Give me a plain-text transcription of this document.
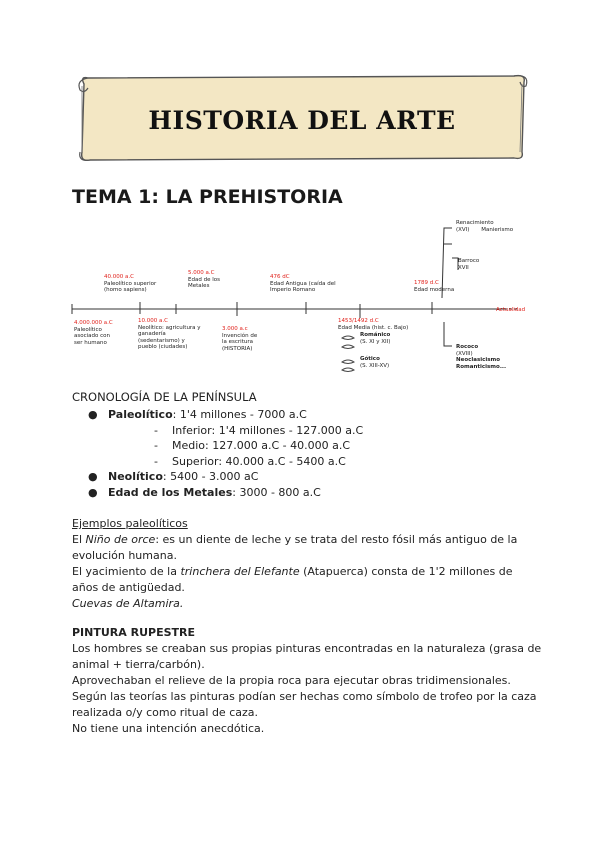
HISTORIA DEL ARTE
TEMA 1: LA PREHISTORIA
40.000 a.C
Paleolítico superior
(homo sapiens)
5.000 a.C
Edad de los
Metales
476 dC
Edad Antigua (caída del
Imperio Romano
1789 d.C
Edad moderna
4.000.000 a.C
Paleolítico
asociado con
ser humano
10.000 a.C
Neolítico: agricultura y
ganadería
(sedentarismo) y
pueblo (ciudades)
3.000 a.c
Invención de
la escritura
(HISTORIA)
1453/1492 d.C
Edad Media (hist. c. Bajo)
Románico
(S. XI y XII)
Gótico
(S. XIII-XV)
Renacimiento
(XVI) Manierismo
Barroco
XVII
Rococo
(XVIII)
Neoclasicismo
Romanticismo...
Actualidad
CRONOLOGÍA DE LA PENÍNSULA
● Paleolítico: 1'4 millones - 7000 a.C
- Inferior: 1'4 millones - 127.000 a.C
- Medio: 127.000 a.C - 40.000 a.C
- Superior: 40.000 a.C - 5400 a.C
● Neolítico: 5400 - 3.000 aC
● Edad de los Metales: 3000 - 800 a.C
Ejemplos paleolíticos
El Niño de orce: es un diente de leche y se trata del resto fósil más antiguo de la evolución humana.
El yacimiento de la trinchera del Elefante (Atapuerca) consta de 1'2 millones de años de antigüedad.
Cuevas de Altamira.
PINTURA RUPESTRE
Los hombres se creaban sus propias pinturas encontradas en la naturaleza (grasa de animal + tierra/carbón).
Aprovechaban el relieve de la propia roca para ejecutar obras tridimensionales.
Según las teorías las pinturas podían ser hechas como símbolo de trofeo por la caza realizada o/y como ritual de caza.
No tiene una intención anecdótica.
